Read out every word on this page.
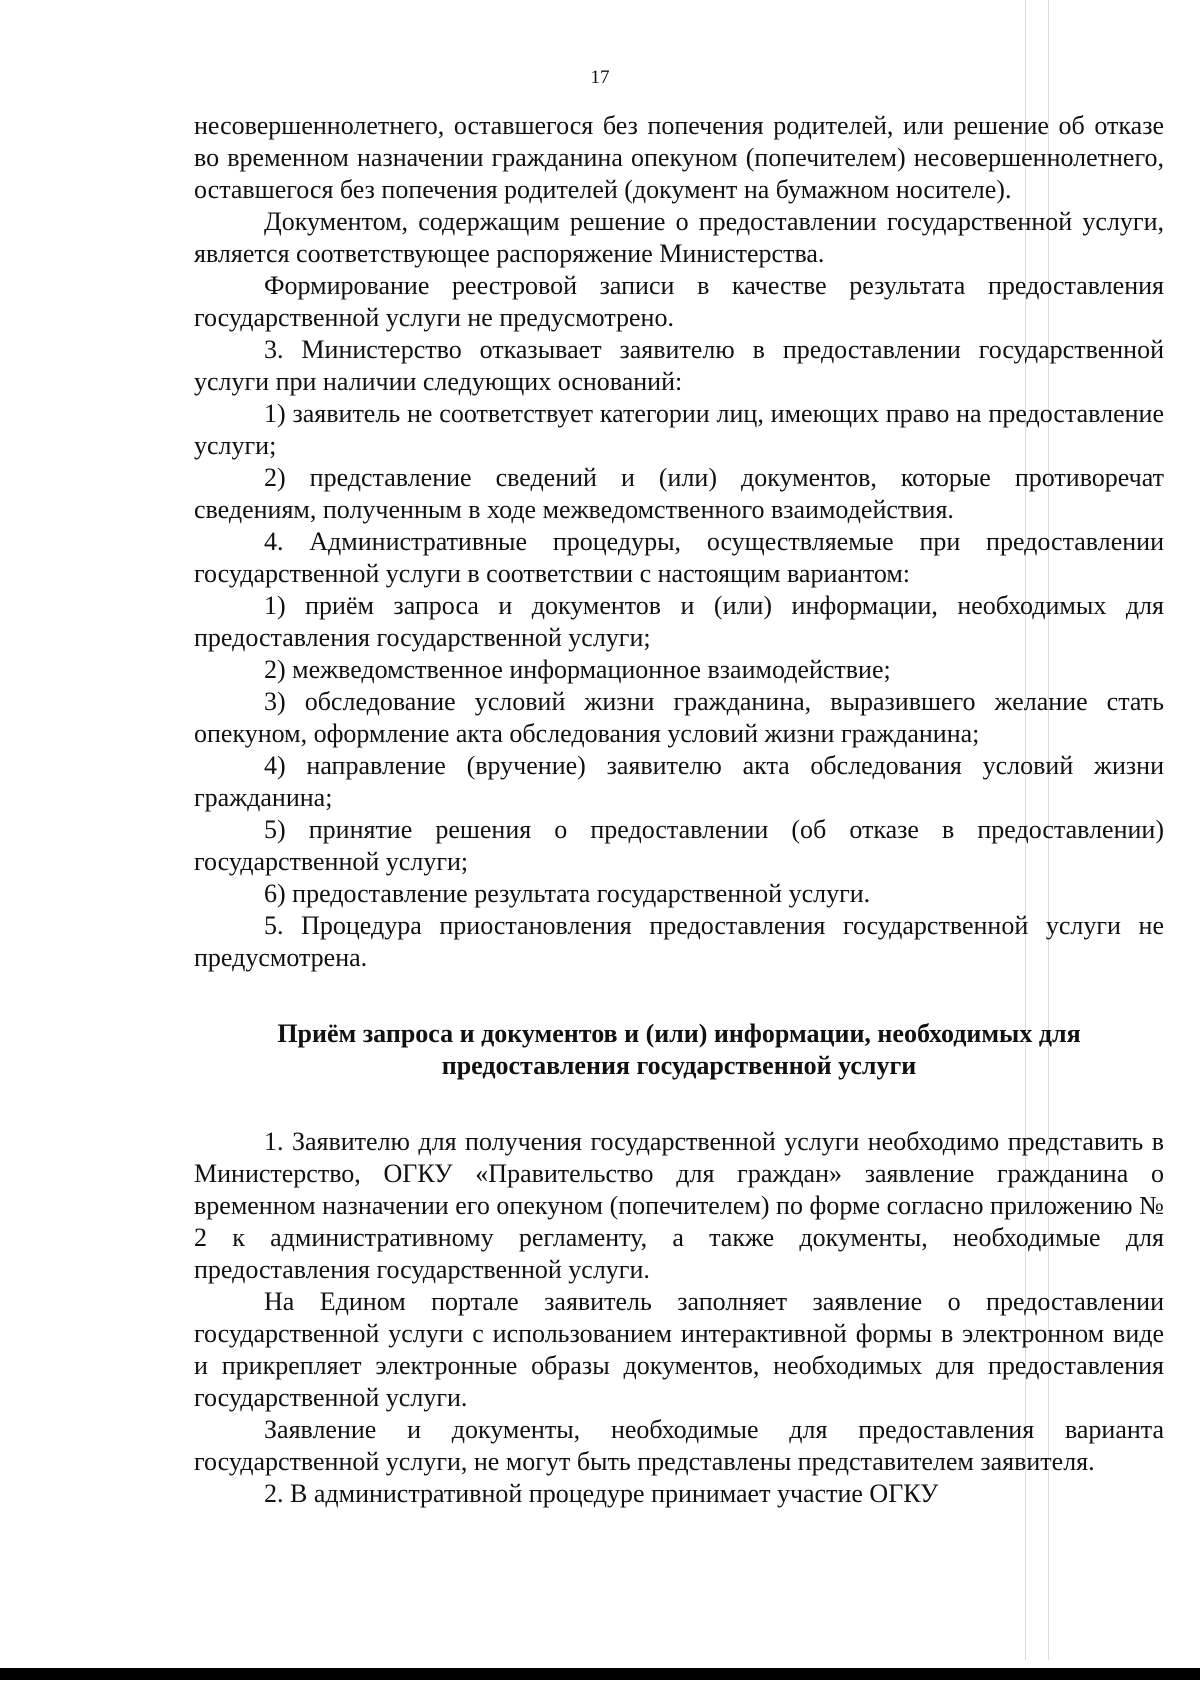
17

несовершеннолетнего, оставшегося без попечения родителей, или решение об отказе во временном назначении гражданина опекуном (попечителем) несовершеннолетнего, оставшегося без попечения родителей (документ на бумажном носителе).

Документом, содержащим решение о предоставлении государственной услуги, является соответствующее распоряжение Министерства.

Формирование реестровой записи в качестве результата предоставления государственной услуги не предусмотрено.

3. Министерство отказывает заявителю в предоставлении государственной услуги при наличии следующих оснований:

1) заявитель не соответствует категории лиц, имеющих право на предоставление услуги;

2) представление сведений и (или) документов, которые противоречат сведениям, полученным в ходе межведомственного взаимодействия.

4. Административные процедуры, осуществляемые при предоставлении государственной услуги в соответствии с настоящим вариантом:

1) приём запроса и документов и (или) информации, необходимых для предоставления государственной услуги;

2) межведомственное информационное взаимодействие;

3) обследование условий жизни гражданина, выразившего желание стать опекуном, оформление акта обследования условий жизни гражданина;

4) направление (вручение) заявителю акта обследования условий жизни гражданина;

5) принятие решения о предоставлении (об отказе в предоставлении) государственной услуги;

6) предоставление результата государственной услуги.

5. Процедура приостановления предоставления государственной услуги не предусмотрена.

Приём запроса и документов и (или) информации, необходимых для предоставления государственной услуги

1. Заявителю для получения государственной услуги необходимо представить в Министерство, ОГКУ «Правительство для граждан» заявление гражданина о временном назначении его опекуном (попечителем) по форме согласно приложению № 2 к административному регламенту, а также документы, необходимые для предоставления государственной услуги.

На Едином портале заявитель заполняет заявление о предоставлении государственной услуги с использованием интерактивной формы в электронном виде и прикрепляет электронные образы документов, необходимых для предоставления государственной услуги.

Заявление и документы, необходимые для предоставления варианта государственной услуги, не могут быть представлены представителем заявителя.

2. В административной процедуре принимает участие ОГКУ
